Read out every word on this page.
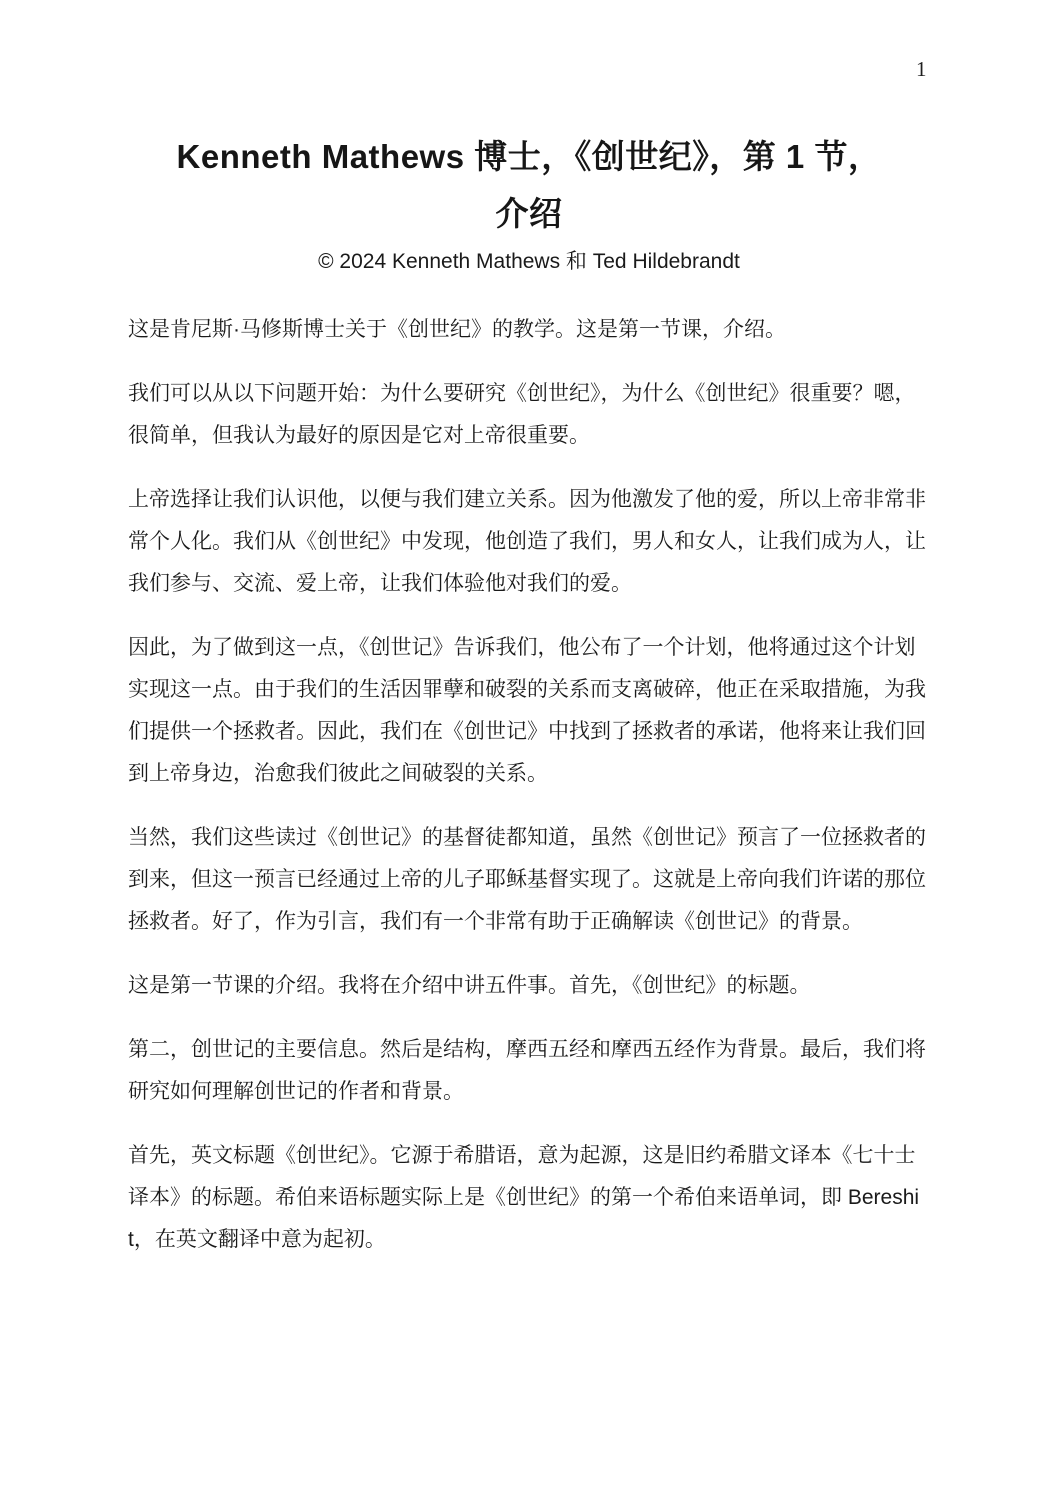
1
Kenneth Mathews 博士，《创世纪》，第 1 节，
介绍
© 2024 Kenneth Mathews 和 Ted Hildebrandt

这是肯尼斯·马修斯博士关于《创世纪》的教学。这是第一节课，介绍。

我们可以从以下问题开始：为什么要研究《创世纪》，为什么《创世纪》很重要？嗯，很简单，但我认为最好的原因是它对上帝很重要。

上帝选择让我们认识他，以便与我们建立关系。因为他激发了他的爱，所以上帝非常非常个人化。我们从《创世纪》中发现，他创造了我们，男人和女人，让我们成为人，让我们参与、交流、爱上帝，让我们体验他对我们的爱。

因此，为了做到这一点，《创世记》告诉我们，他公布了一个计划，他将通过这个计划实现这一点。由于我们的生活因罪孽和破裂的关系而支离破碎，他正在采取措施，为我们提供一个拯救者。因此，我们在《创世记》中找到了拯救者的承诺，他将来让我们回到上帝身边，治愈我们彼此之间破裂的关系。

当然，我们这些读过《创世记》的基督徒都知道，虽然《创世记》预言了一位拯救者的到来，但这一预言已经通过上帝的儿子耶稣基督实现了。这就是上帝向我们许诺的那位拯救者。好了，作为引言，我们有一个非常有助于正确解读《创世记》的背景。

这是第一节课的介绍。我将在介绍中讲五件事。首先，《创世纪》的标题。

第二，创世记的主要信息。然后是结构，摩西五经和摩西五经作为背景。最后，我们将研究如何理解创世记的作者和背景。

首先，英文标题《创世纪》。它源于希腊语，意为起源，这是旧约希腊文译本《七十士译本》的标题。希伯来语标题实际上是《创世纪》的第一个希伯来语单词，即 Bereshit，在英文翻译中意为起初。
